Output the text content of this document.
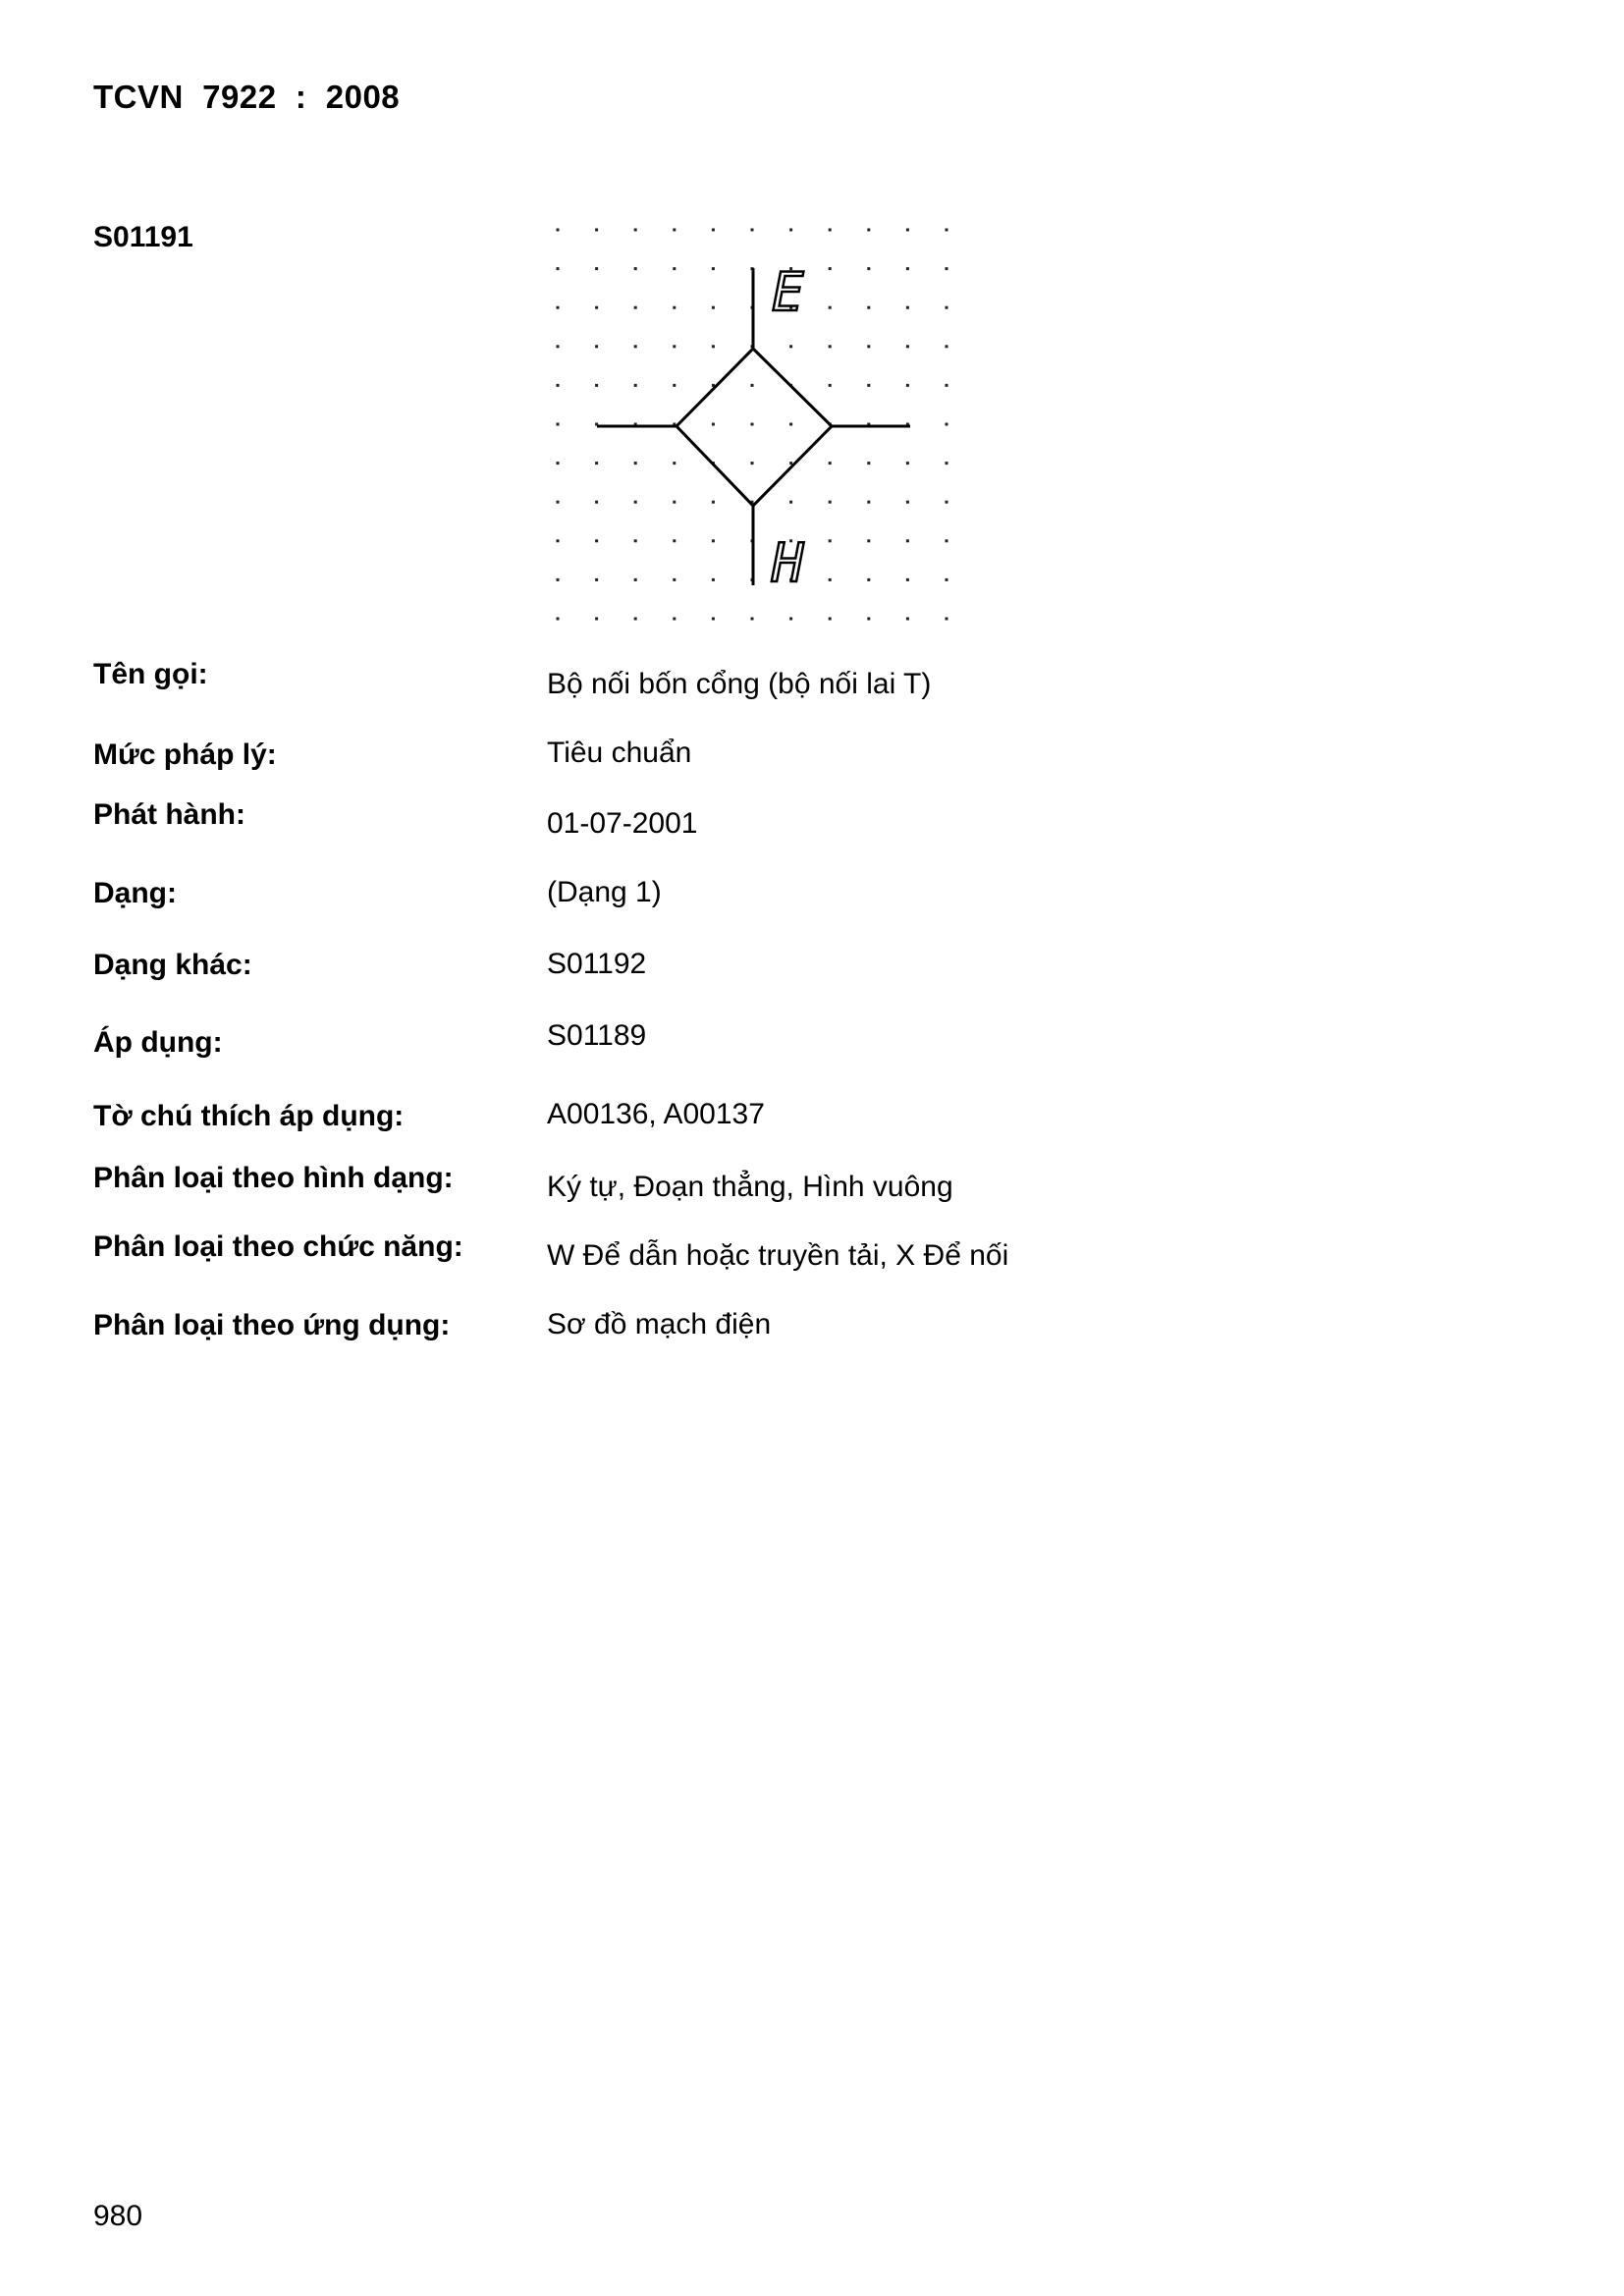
TCVN  7922  :  2008
S01191
E
H
Tên gọi:	Bộ nối bốn cổng (bộ nối lai T)
Mức pháp lý:	Tiêu chuẩn
Phát hành:	01-07-2001
Dạng:	(Dạng 1)
Dạng khác:	S01192
Áp dụng:	S01189
Tờ chú thích áp dụng:	A00136, A00137
Phân loại theo hình dạng:	Ký tự, Đoạn thẳng, Hình vuông
Phân loại theo chức năng:	W Để dẫn hoặc truyền tải, X Để nối
Phân loại theo ứng dụng:	Sơ đồ mạch điện
980
